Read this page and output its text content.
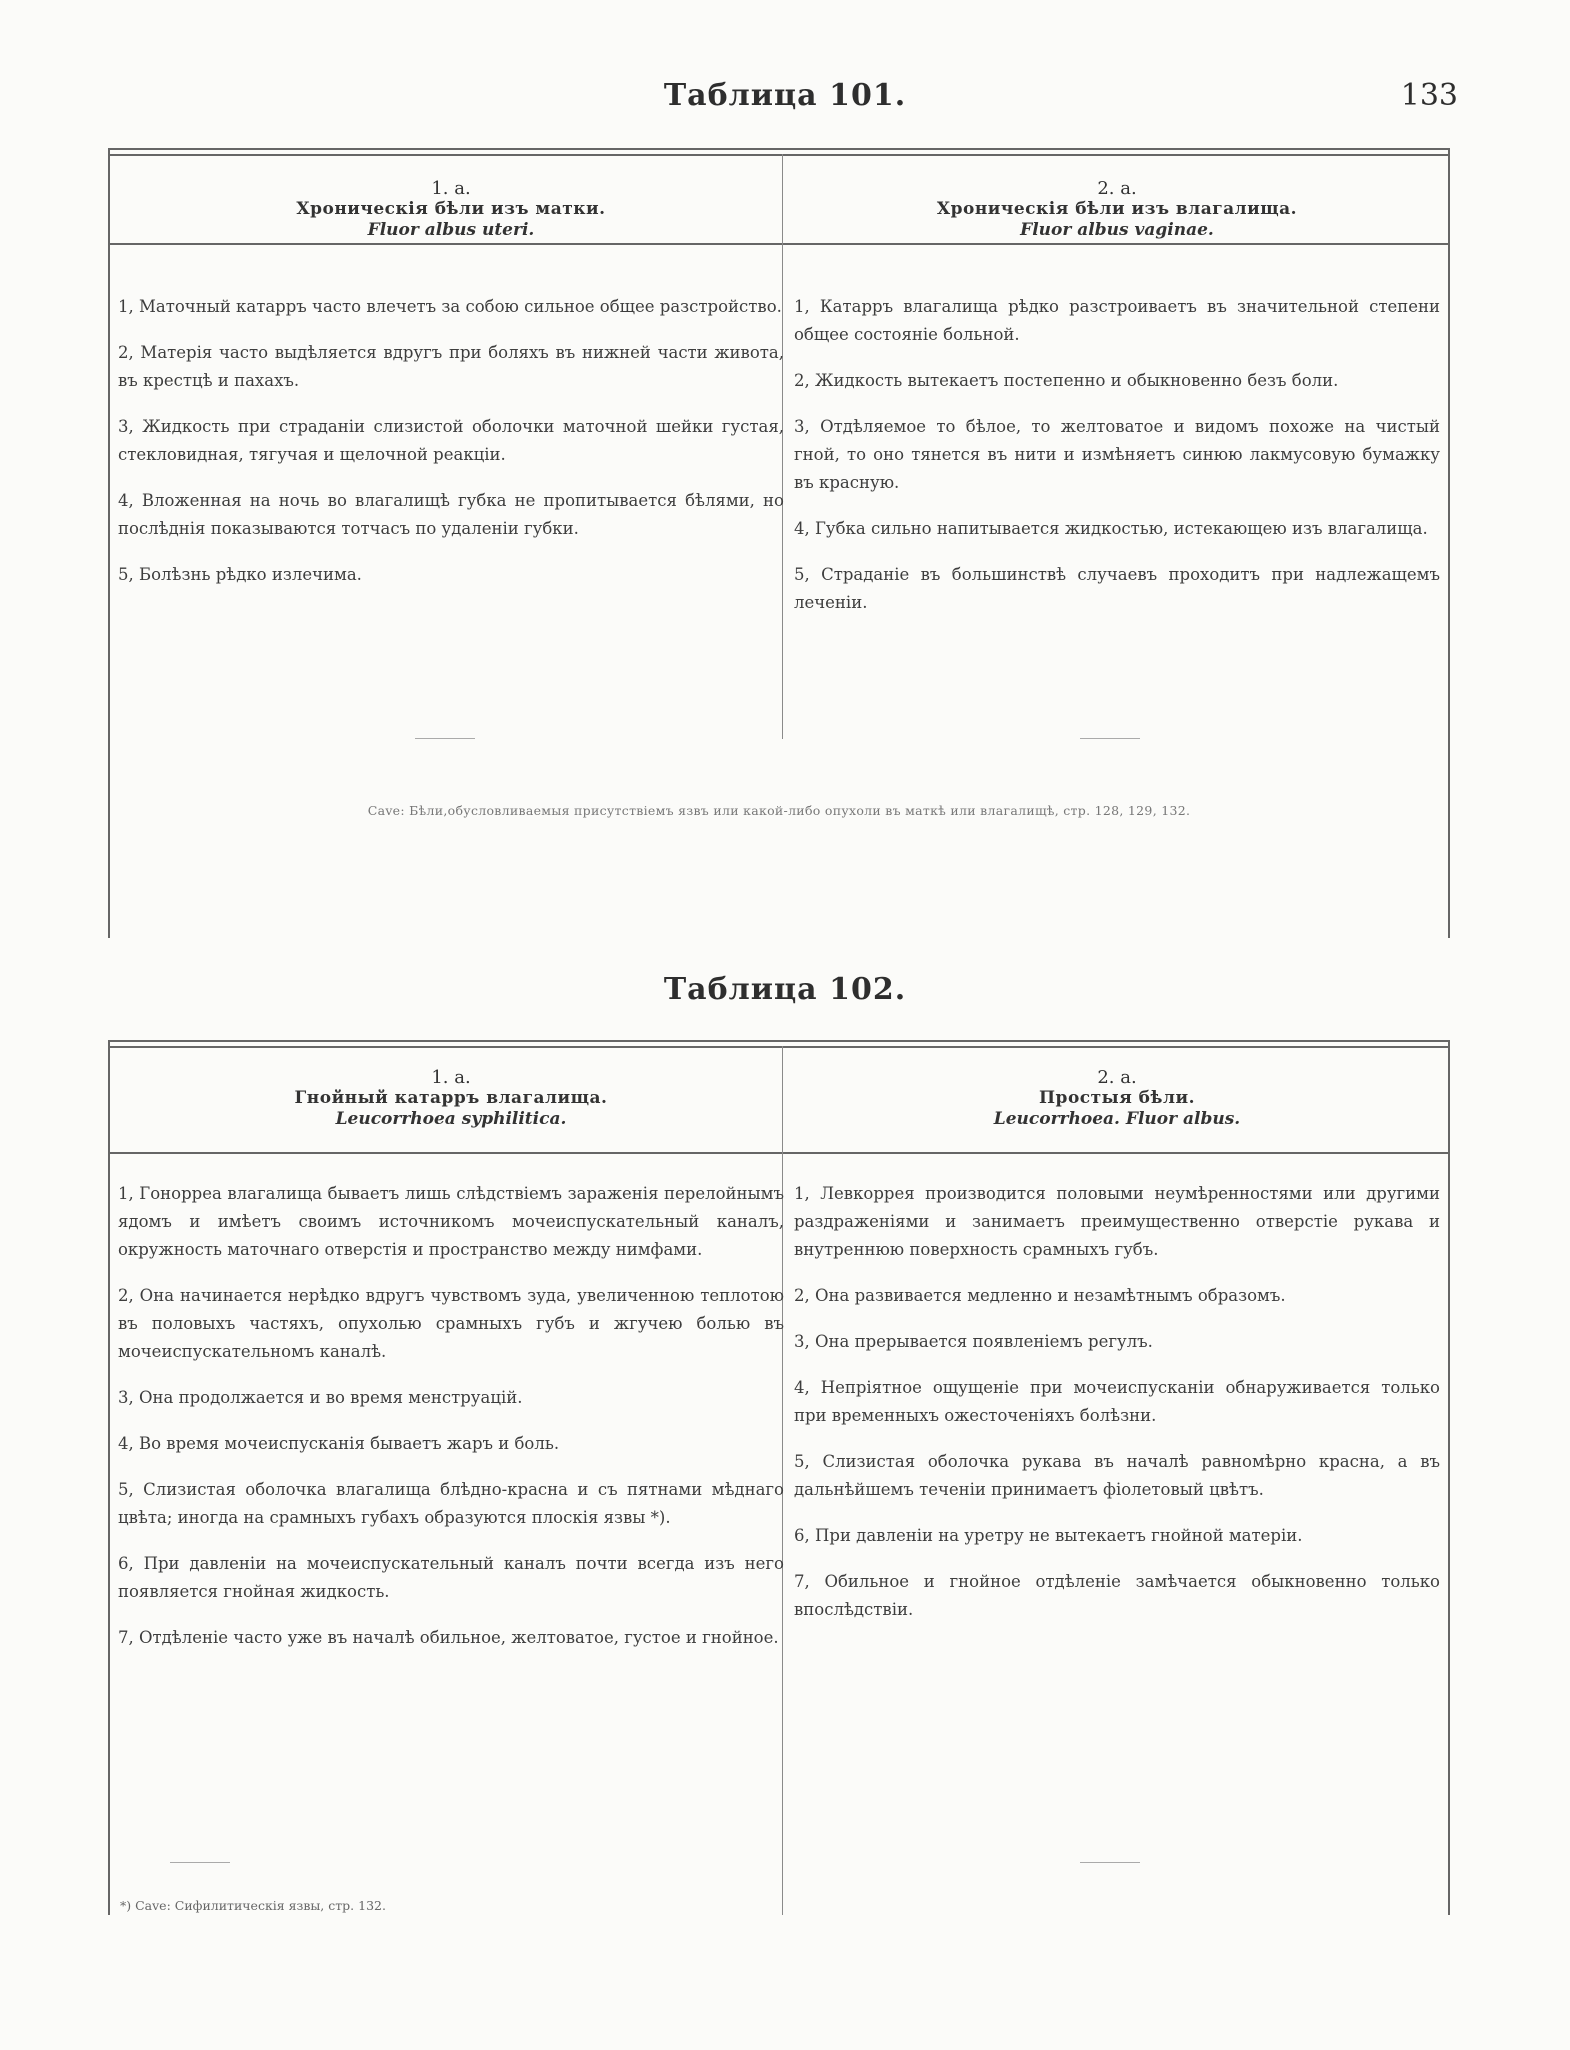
Таблица 101.	133
1. а.
Хроническія бѣли изъ матки.
Fluor albus uteri.
2. а.
Хроническія бѣли изъ влагалища.
Fluor albus vaginae.
1, Маточный катарръ часто влечетъ за собою сильное общее разстройство.
2, Матерія часто выдѣляется вдругъ при боляхъ въ нижней части живота, въ крестцѣ и пахахъ.
3, Жидкость при страданіи слизистой оболочки маточной шейки густая, стекловидная, тягучая и щелочной реакціи.
4, Вложенная на ночь во влагалищѣ губка не пропитывается бѣлями, но послѣднія показываются тотчасъ по удаленіи губки.
5, Болѣзнь рѣдко излечима.
1, Катарръ влагалища рѣдко разстроиваетъ въ значительной степени общее состояніе больной.
2, Жидкость вытекаетъ постепенно и обыкновенно безъ боли.
3, Отдѣляемое то бѣлое, то желтоватое и видомъ похоже на чистый гной, то оно тянется въ нити и измѣняетъ синюю лакмусовую бумажку въ красную.
4, Губка сильно напитывается жидкостью, истекающею изъ влагалища.
5, Страданіе въ большинствѣ случаевъ проходитъ при надлежащемъ леченіи.
Cave: Бѣли,обусловливаемыя присутствіемъ язвъ или какой-либо опухоли въ маткѣ или влагалищѣ, стр. 128, 129, 132.
Таблица 102.
1. а.
Гнойный катарръ влагалища.
Leucorrhoea syphilitica.
2. а.
Простыя бѣли.
Leucorrhoea. Fluor albus.
1, Гонорреа влагалища бываетъ лишь слѣдствіемъ зараженія перелойнымъ ядомъ и имѣетъ своимъ источникомъ мочеиспускательный каналъ, окружность маточнаго отверстія и пространство между нимфами.
2, Она начинается нерѣдко вдругъ чувствомъ зуда, увеличенною теплотою въ половыхъ частяхъ, опухолью срамныхъ губъ и жгучею болью въ мочеиспускательномъ каналѣ.
3, Она продолжается и во время менструацій.
4, Во время мочеиспусканія бываетъ жаръ и боль.
5, Слизистая оболочка влагалища блѣдно-красна и съ пятнами мѣднаго цвѣта; иногда на срамныхъ губахъ образуются плоскія язвы *).
6, При давленіи на мочеиспускательный каналъ почти всегда изъ него появляется гнойная жидкость.
7, Отдѣленіе часто уже въ началѣ обильное, желтоватое, густое и гнойное.
1, Левкоррея производится половыми неумѣренностями или другими раздраженіями и занимаетъ преимущественно отверстіе рукава и внутреннюю поверхность срамныхъ губъ.
2, Она развивается медленно и незамѣтнымъ образомъ.
3, Она прерывается появленіемъ регулъ.
4, Непріятное ощущеніе при мочеиспусканіи обнаруживается только при временныхъ ожесточеніяхъ болѣзни.
5, Слизистая оболочка рукава въ началѣ равномѣрно красна, а въ дальнѣйшемъ теченіи принимаетъ фіолетовый цвѣтъ.
6, При давленіи на уретру не вытекаетъ гнойной матеріи.
7, Обильное и гнойное отдѣленіе замѣчается обыкновенно только впослѣдствіи.
*) Cave: Сифилитическія язвы, стр. 132.
